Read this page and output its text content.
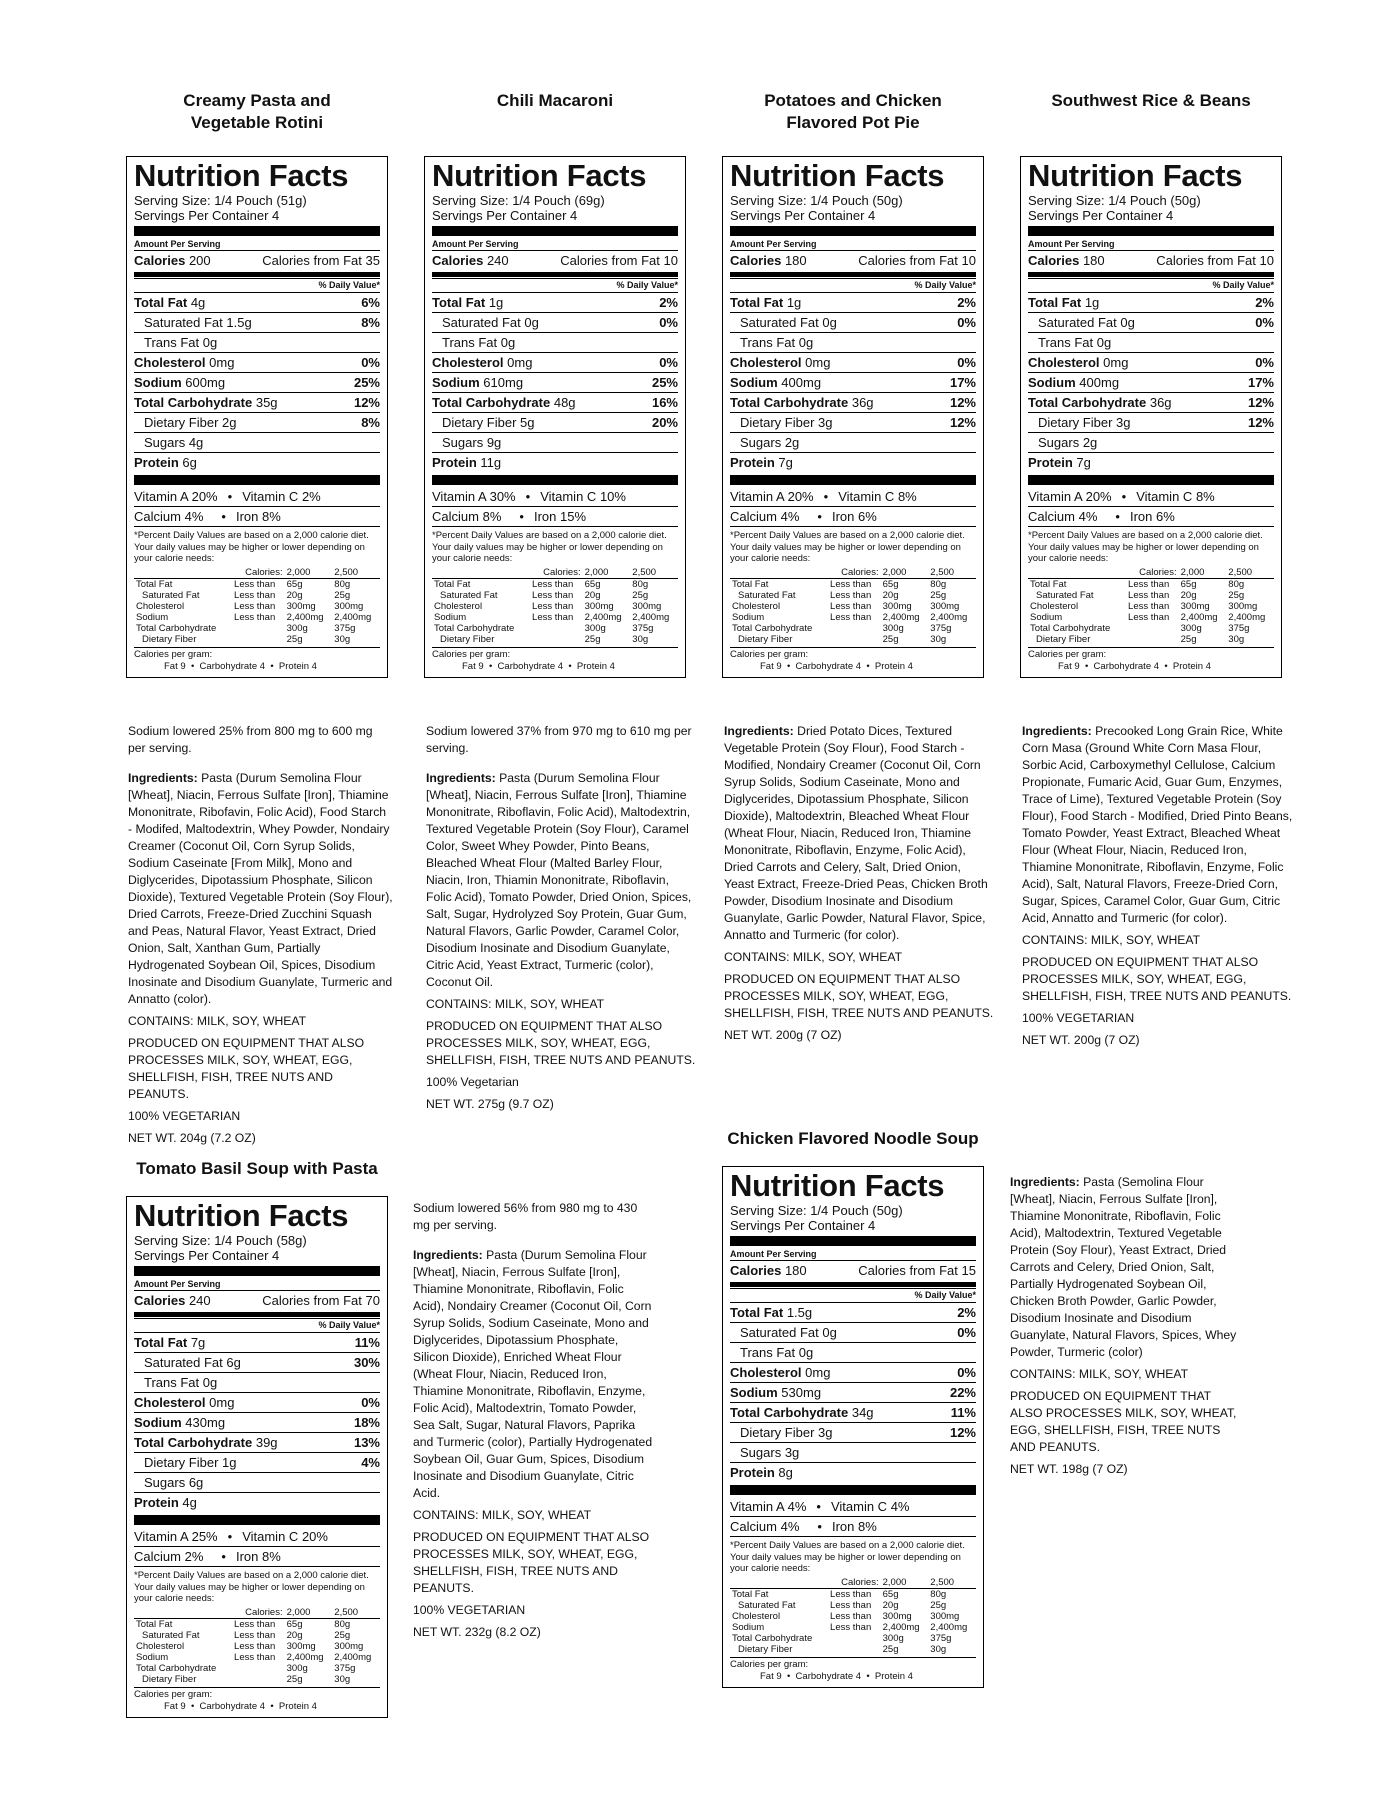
Creamy Pasta and Vegetable Rotini
Chili Macaroni	Potatoes and Chicken Flavored Pot Pie
Southwest Rice & Beans
Tomato Basil Soup with Pasta
Chicken Flavored Noodle Soup
Nutrition Facts
Serving Size: 1/4 Pouch (51g)
Servings Per Container 4
Amount Per Serving
Calories 200	Calories from Fat 35
% Daily Value*
Total Fat 4g	6%
Saturated Fat 1.5g	8%
Trans Fat 0g
Cholesterol 0mg	0%
Sodium 600mg	25%
Total Carbohydrate 35g	12%
Dietary Fiber 2g	8%
Sugars 4g
Protein 6g
Vitamin A 20% • Vitamin C 2%
Calcium 4% • Iron 8%
*Percent Daily Values are based on a 2,000 calorie diet. Your daily values may be higher or lower depending on your calorie needs:
	Calories:	2,000	2,500
Total Fat	Less than	65g	80g
Saturated Fat	Less than	20g	25g
Cholesterol	Less than	300mg	300mg
Sodium	Less than	2,400mg	2,400mg
Total Carbohydrate		300g	375g
Dietary Fiber		25g	30g
Calories per gram:
Fat 9 • Carbohydrate 4 • Protein 4
Nutrition Facts
Serving Size: 1/4 Pouch (69g)
Servings Per Container 4
Amount Per Serving
Calories 240	Calories from Fat 10
% Daily Value*
Total Fat 1g	2%
Saturated Fat 0g	0%
Trans Fat 0g
Cholesterol 0mg	0%
Sodium 610mg	25%
Total Carbohydrate 48g	16%
Dietary Fiber 5g	20%
Sugars 9g
Protein 11g
Vitamin A 30% • Vitamin C 10%
Calcium 8% • Iron 15%
*Percent Daily Values are based on a 2,000 calorie diet. Your daily values may be higher or lower depending on your calorie needs:
	Calories:	2,000	2,500
Total Fat	Less than	65g	80g
Saturated Fat	Less than	20g	25g
Cholesterol	Less than	300mg	300mg
Sodium	Less than	2,400mg	2,400mg
Total Carbohydrate		300g	375g
Dietary Fiber		25g	30g
Calories per gram:
Fat 9 • Carbohydrate 4 • Protein 4
Nutrition Facts
Serving Size: 1/4 Pouch (50g)
Servings Per Container 4
Amount Per Serving
Calories 180	Calories from Fat 10
% Daily Value*
Total Fat 1g	2%
Saturated Fat 0g	0%
Trans Fat 0g
Cholesterol 0mg	0%
Sodium 400mg	17%
Total Carbohydrate 36g	12%
Dietary Fiber 3g	12%
Sugars 2g
Protein 7g
Vitamin A 20% • Vitamin C 8%
Calcium 4% • Iron 6%
*Percent Daily Values are based on a 2,000 calorie diet. Your daily values may be higher or lower depending on your calorie needs:
	Calories:	2,000	2,500
Total Fat	Less than	65g	80g
Saturated Fat	Less than	20g	25g
Cholesterol	Less than	300mg	300mg
Sodium	Less than	2,400mg	2,400mg
Total Carbohydrate		300g	375g
Dietary Fiber		25g	30g
Calories per gram:
Fat 9 • Carbohydrate 4 • Protein 4
Nutrition Facts
Serving Size: 1/4 Pouch (50g)
Servings Per Container 4
Amount Per Serving
Calories 180	Calories from Fat 10
% Daily Value*
Total Fat 1g	2%
Saturated Fat 0g	0%
Trans Fat 0g
Cholesterol 0mg	0%
Sodium 400mg	17%
Total Carbohydrate 36g	12%
Dietary Fiber 3g	12%
Sugars 2g
Protein 7g
Vitamin A 20% • Vitamin C 8%
Calcium 4% • Iron 6%
*Percent Daily Values are based on a 2,000 calorie diet. Your daily values may be higher or lower depending on your calorie needs:
	Calories:	2,000	2,500
Total Fat	Less than	65g	80g
Saturated Fat	Less than	20g	25g
Cholesterol	Less than	300mg	300mg
Sodium	Less than	2,400mg	2,400mg
Total Carbohydrate		300g	375g
Dietary Fiber		25g	30g
Calories per gram:
Fat 9 • Carbohydrate 4 • Protein 4
Nutrition Facts
Serving Size: 1/4 Pouch (58g)
Servings Per Container 4
Amount Per Serving
Calories 240	Calories from Fat 70
% Daily Value*
Total Fat 7g	11%
Saturated Fat 6g	30%
Trans Fat 0g
Cholesterol 0mg	0%
Sodium 430mg	18%
Total Carbohydrate 39g	13%
Dietary Fiber 1g	4%
Sugars 6g
Protein 4g
Vitamin A 25% • Vitamin C 20%
Calcium 2% • Iron 8%
*Percent Daily Values are based on a 2,000 calorie diet. Your daily values may be higher or lower depending on your calorie needs:
	Calories:	2,000	2,500
Total Fat	Less than	65g	80g
Saturated Fat	Less than	20g	25g
Cholesterol	Less than	300mg	300mg
Sodium	Less than	2,400mg	2,400mg
Total Carbohydrate		300g	375g
Dietary Fiber		25g	30g
Calories per gram:
Fat 9 • Carbohydrate 4 • Protein 4
Nutrition Facts
Serving Size: 1/4 Pouch (50g)
Servings Per Container 4
Amount Per Serving
Calories 180	Calories from Fat 15
% Daily Value*
Total Fat 1.5g	2%
Saturated Fat 0g	0%
Trans Fat 0g
Cholesterol 0mg	0%
Sodium 530mg	22%
Total Carbohydrate 34g	11%
Dietary Fiber 3g	12%
Sugars 3g
Protein 8g
Vitamin A 4% • Vitamin C 4%
Calcium 4% • Iron 8%
*Percent Daily Values are based on a 2,000 calorie diet. Your daily values may be higher or lower depending on your calorie needs:
	Calories:	2,000	2,500
Total Fat	Less than	65g	80g
Saturated Fat	Less than	20g	25g
Cholesterol	Less than	300mg	300mg
Sodium	Less than	2,400mg	2,400mg
Total Carbohydrate		300g	375g
Dietary Fiber		25g	30g
Calories per gram:
Fat 9 • Carbohydrate 4 • Protein 4

Sodium lowered 25% from 800 mg to 600 mg per serving.

Ingredients: Pasta (Durum Semolina Flour [Wheat], Niacin, Ferrous Sulfate [Iron], Thiamine Mononitrate, Ribofavin, Folic Acid), Food Starch - Modifed, Maltodextrin, Whey Powder, Nondairy Creamer (Coconut Oil, Corn Syrup Solids, Sodium Caseinate [From Milk], Mono and Diglycerides, Dipotassium Phosphate, Silicon Dioxide), Textured Vegetable Protein (Soy Flour), Dried Carrots, Freeze-Dried Zucchini Squash and Peas, Natural Flavor, Yeast Extract, Dried Onion, Salt, Xanthan Gum, Partially Hydrogenated Soybean Oil, Spices, Disodium Inosinate and Disodium Guanylate, Turmeric and Annatto (color).

CONTAINS: MILK, SOY, WHEAT

PRODUCED ON EQUIPMENT THAT ALSO PROCESSES MILK, SOY, WHEAT, EGG, SHELLFISH, FISH, TREE NUTS AND PEANUTS.

100% VEGETARIAN

NET WT. 204g (7.2 OZ)

Sodium lowered 37% from 970 mg to 610 mg per serving.

Ingredients: Pasta (Durum Semolina Flour [Wheat], Niacin, Ferrous Sulfate [Iron], Thiamine Mononitrate, Riboflavin, Folic Acid), Maltodextrin, Textured Vegetable Protein (Soy Flour), Caramel Color, Sweet Whey Powder, Pinto Beans, Bleached Wheat Flour (Malted Barley Flour, Niacin, Iron, Thiamin Mononitrate, Riboflavin, Folic Acid), Tomato Powder, Dried Onion, Spices, Salt, Sugar, Hydrolyzed Soy Protein, Guar Gum, Natural Flavors, Garlic Powder, Caramel Color, Disodium Inosinate and Disodium Guanylate, Citric Acid, Yeast Extract, Turmeric (color), Coconut Oil.

CONTAINS: MILK, SOY, WHEAT

PRODUCED ON EQUIPMENT THAT ALSO PROCESSES MILK, SOY, WHEAT, EGG, SHELLFISH, FISH, TREE NUTS AND PEANUTS.

100% Vegetarian

NET WT. 275g (9.7 OZ)

Ingredients: Dried Potato Dices, Textured Vegetable Protein (Soy Flour), Food Starch - Modified, Nondairy Creamer (Coconut Oil, Corn Syrup Solids, Sodium Caseinate, Mono and Diglycerides, Dipotassium Phosphate, Silicon Dioxide), Maltodextrin, Bleached Wheat Flour (Wheat Flour, Niacin, Reduced Iron, Thiamine Mononitrate, Riboflavin, Enzyme, Folic Acid), Dried Carrots and Celery, Salt, Dried Onion, Yeast Extract, Freeze-Dried Peas, Chicken Broth Powder, Disodium Inosinate and Disodium Guanylate, Garlic Powder, Natural Flavor, Spice, Annatto and Turmeric (for color).

CONTAINS: MILK, SOY, WHEAT

PRODUCED ON EQUIPMENT THAT ALSO PROCESSES MILK, SOY, WHEAT, EGG, SHELLFISH, FISH, TREE NUTS AND PEANUTS.

NET WT. 200g (7 OZ)

Ingredients: Precooked Long Grain Rice, White Corn Masa (Ground White Corn Masa Flour, Sorbic Acid, Carboxymethyl Cellulose, Calcium Propionate, Fumaric Acid, Guar Gum, Enzymes, Trace of Lime), Textured Vegetable Protein (Soy Flour), Food Starch - Modified, Dried Pinto Beans, Tomato Powder, Yeast Extract, Bleached Wheat Flour (Wheat Flour, Niacin, Reduced Iron, Thiamine Mononitrate, Riboflavin, Enzyme, Folic Acid), Salt, Natural Flavors, Freeze-Dried Corn, Sugar, Spices, Caramel Color, Guar Gum, Citric Acid, Annatto and Turmeric (for color).

CONTAINS: MILK, SOY, WHEAT

PRODUCED ON EQUIPMENT THAT ALSO PROCESSES MILK, SOY, WHEAT, EGG, SHELLFISH, FISH, TREE NUTS AND PEANUTS.

100% VEGETARIAN

NET WT. 200g (7 OZ)

Sodium lowered 56% from 980 mg to 430 mg per serving.

Ingredients: Pasta (Durum Semolina Flour [Wheat], Niacin, Ferrous Sulfate [Iron], Thiamine Mononitrate, Riboflavin, Folic Acid), Nondairy Creamer (Coconut Oil, Corn Syrup Solids, Sodium Caseinate, Mono and Diglycerides, Dipotassium Phosphate, Silicon Dioxide), Enriched Wheat Flour (Wheat Flour, Niacin, Reduced Iron, Thiamine Mononitrate, Riboflavin, Enzyme, Folic Acid), Maltodextrin, Tomato Powder, Sea Salt, Sugar, Natural Flavors, Paprika and Turmeric (color), Partially Hydrogenated Soybean Oil, Guar Gum, Spices, Disodium Inosinate and Disodium Guanylate, Citric Acid.

CONTAINS: MILK, SOY, WHEAT

PRODUCED ON EQUIPMENT THAT ALSO PROCESSES MILK, SOY, WHEAT, EGG, SHELLFISH, FISH, TREE NUTS AND PEANUTS.

100% VEGETARIAN

NET WT. 232g (8.2 OZ)

Ingredients: Pasta (Semolina Flour [Wheat], Niacin, Ferrous Sulfate [Iron], Thiamine Mononitrate, Riboflavin, Folic Acid), Maltodextrin, Textured Vegetable Protein (Soy Flour), Yeast Extract, Dried Carrots and Celery, Dried Onion, Salt, Partially Hydrogenated Soybean Oil, Chicken Broth Powder, Garlic Powder, Disodium Inosinate and Disodium Guanylate, Natural Flavors, Spices, Whey Powder, Turmeric (color)

CONTAINS: MILK, SOY, WHEAT

PRODUCED ON EQUIPMENT THAT ALSO PROCESSES MILK, SOY, WHEAT, EGG, SHELLFISH, FISH, TREE NUTS AND PEANUTS.

NET WT. 198g (7 OZ)
